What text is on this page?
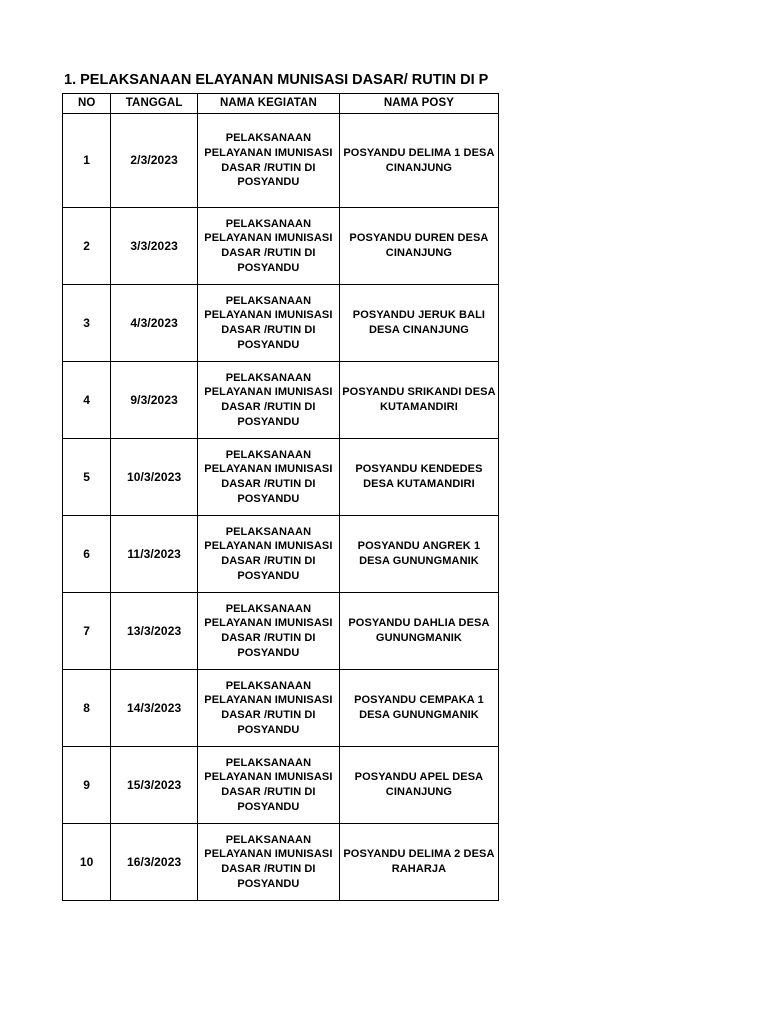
1. PELAKSANAAN ELAYANAN MUNISASI DASAR/ RUTIN DI P
NO	TANGGAL	NAMA KEGIATAN	NAMA POSY
1	2/3/2023	PELAKSANAAN PELAYANAN IMUNISASI DASAR /RUTIN DI POSYANDU	POSYANDU DELIMA 1 DESA CINANJUNG
2	3/3/2023	PELAKSANAAN PELAYANAN IMUNISASI DASAR /RUTIN DI POSYANDU	POSYANDU DUREN DESA CINANJUNG
3	4/3/2023	PELAKSANAAN PELAYANAN IMUNISASI DASAR /RUTIN DI POSYANDU	POSYANDU JERUK BALI DESA CINANJUNG
4	9/3/2023	PELAKSANAAN PELAYANAN IMUNISASI DASAR /RUTIN DI POSYANDU	POSYANDU SRIKANDI DESA KUTAMANDIRI
5	10/3/2023	PELAKSANAAN PELAYANAN IMUNISASI DASAR /RUTIN DI POSYANDU	POSYANDU KENDEDES DESA KUTAMANDIRI
6	11/3/2023	PELAKSANAAN PELAYANAN IMUNISASI DASAR /RUTIN DI POSYANDU	POSYANDU ANGREK 1 DESA GUNUNGMANIK
7	13/3/2023	PELAKSANAAN PELAYANAN IMUNISASI DASAR /RUTIN DI POSYANDU	POSYANDU DAHLIA DESA GUNUNGMANIK
8	14/3/2023	PELAKSANAAN PELAYANAN IMUNISASI DASAR /RUTIN DI POSYANDU	POSYANDU CEMPAKA 1 DESA GUNUNGMANIK
9	15/3/2023	PELAKSANAAN PELAYANAN IMUNISASI DASAR /RUTIN DI POSYANDU	POSYANDU APEL DESA CINANJUNG
10	16/3/2023	PELAKSANAAN PELAYANAN IMUNISASI DASAR /RUTIN DI POSYANDU	POSYANDU DELIMA 2 DESA RAHARJA
